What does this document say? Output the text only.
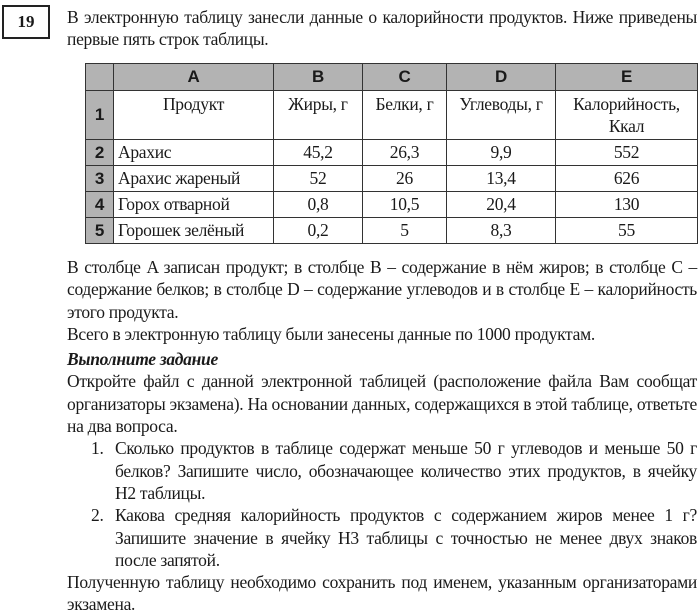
19	В электронную таблицу занесли данные о калорийности продуктов. Ниже приведены первые пять строк таблицы.
	A	B	C	D	E
1	Продукт	Жиры, г	Белки, г	Углеводы, г	Калорийность, Ккал
2	Арахис	45,2	26,3	9,9	552
3	Арахис жареный	52	26	13,4	626
4	Горох отварной	0,8	10,5	20,4	130
5	Горошек зелёный	0,2	5	8,3	55

В столбце A записан продукт; в столбце B – содержание в нём жиров; в столбце C – содержание белков; в столбце D – содержание углеводов и в столбце E – калорийность этого продукта.

Всего в электронную таблицу были занесены данные по 1000 продуктам.

Выполните задание

Откройте файл с данной электронной таблицей (расположение файла Вам сообщат организаторы экзамена). На основании данных, содержащихся в этой таблице, ответьте на два вопроса.

1. Сколько продуктов в таблице содержат меньше 50 г углеводов и меньше 50 г белков? Запишите число, обозначающее количество этих продуктов, в ячейку H2 таблицы.

2. Какова средняя калорийность продуктов с содержанием жиров менее 1 г? Запишите значение в ячейку H3 таблицы с точностью не менее двух знаков после запятой.

Полученную таблицу необходимо сохранить под именем, указанным организаторами экзамена.
